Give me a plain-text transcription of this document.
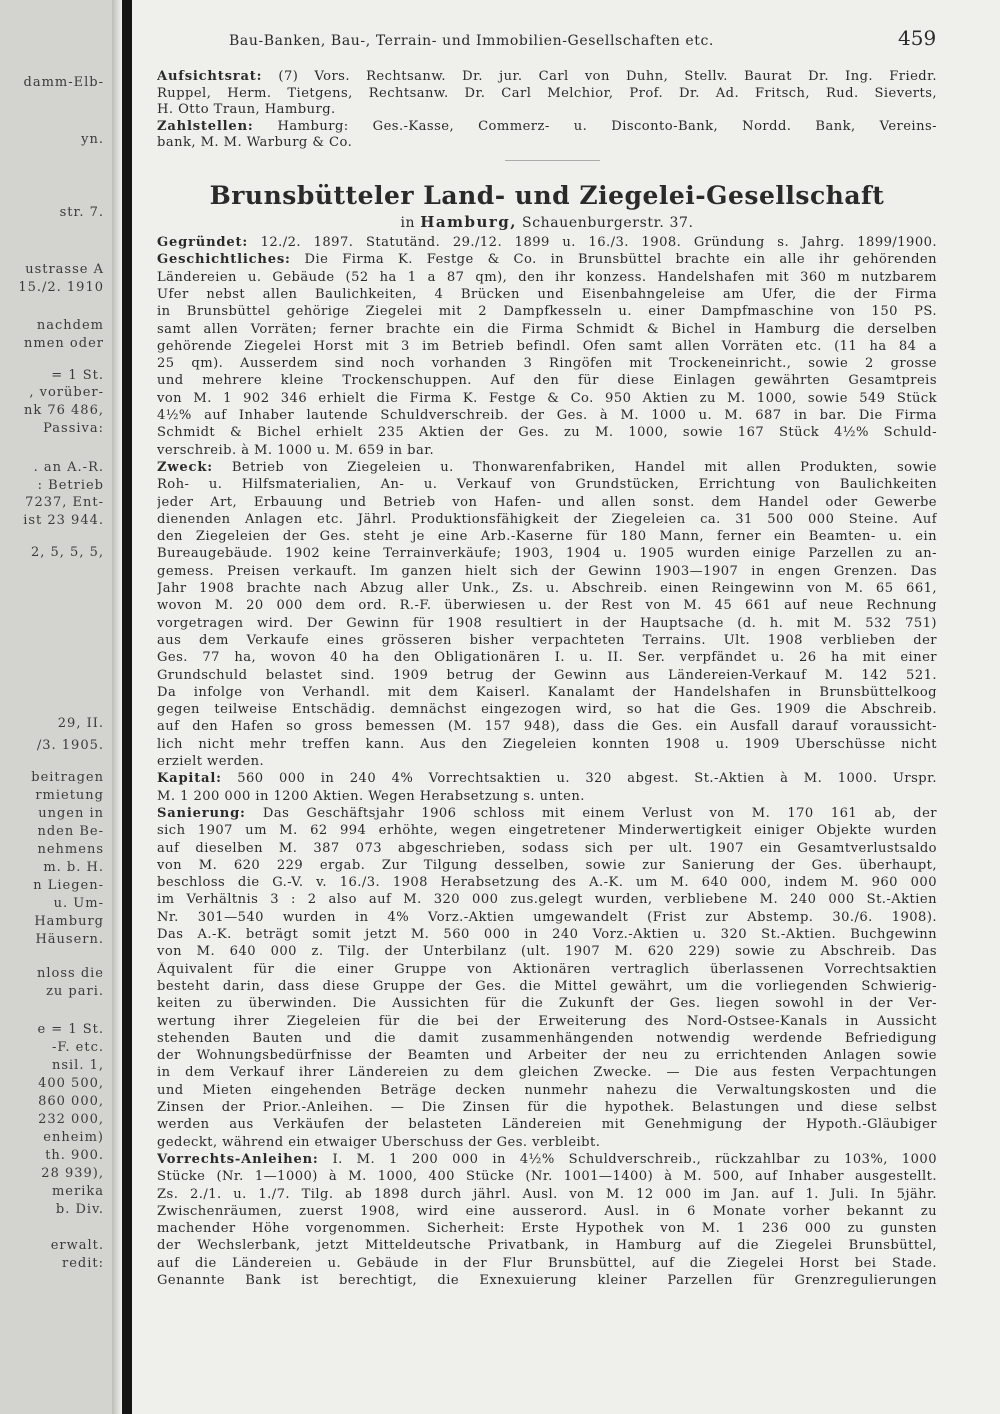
damm-Elb-
yn.
str. 7.
ustrasse A
15./2. 1910
nachdem
nmen oder
= 1 St.
, vorüber-
nk 76 486,
Passiva:
. an A.-R.
: Betrieb
7237, Ent-
ist 23 944.
2, 5, 5, 5,
29, II.
/3. 1905.
beitragen
rmietung
ungen in
nden Be-
nehmens
m. b. H.
n Liegen-
u. Um-
Hamburg
Häusern.
nloss die
zu pari.
e = 1 St.
-F. etc.
nsil. 1,
400 500,
860 000,
232 000,
enheim)
th. 900.
28 939),
merika
b. Div.
erwalt.
redit:
Bau-Banken, Bau-, Terrain- und Immobilien-Gesellschaften etc.	459
Aufsichtsrat: (7) Vors. Rechtsanw. Dr. jur. Carl von Duhn, Stellv. Baurat Dr. Ing. Friedr.
Ruppel, Herm. Tietgens, Rechtsanw. Dr. Carl Melchior, Prof. Dr. Ad. Fritsch, Rud. Sieverts,
H. Otto Traun, Hamburg.
Zahlstellen: Hamburg: Ges.-Kasse, Commerz- u. Disconto-Bank, Nordd. Bank, Vereins-
bank, M. M. Warburg & Co.
Brunsbütteler Land- und Ziegelei-Gesellschaft
in Hamburg, Schauenburgerstr. 37.
Gegründet: 12./2. 1897. Statutänd. 29./12. 1899 u. 16./3. 1908. Gründung s. Jahrg. 1899/1900.
Geschichtliches: Die Firma K. Festge & Co. in Brunsbüttel brachte ein alle ihr gehörenden
Ländereien u. Gebäude (52 ha 1 a 87 qm), den ihr konzess. Handelshafen mit 360 m nutzbarem
Ufer nebst allen Baulichkeiten, 4 Brücken und Eisenbahngeleise am Ufer, die der Firma
in Brunsbüttel gehörige Ziegelei mit 2 Dampfkesseln u. einer Dampfmaschine von 150 PS.
samt allen Vorräten; ferner brachte ein die Firma Schmidt & Bichel in Hamburg die derselben
gehörende Ziegelei Horst mit 3 im Betrieb befindl. Öfen samt allen Vorräten etc. (11 ha 84 a
25 qm). Ausserdem sind noch vorhanden 3 Ringöfen mit Trockeneinricht., sowie 2 grosse
und mehrere kleine Trockenschuppen. Auf den für diese Einlagen gewährten Gesamtpreis
von M. 1 902 346 erhielt die Firma K. Festge & Co. 950 Aktien zu M. 1000, sowie 549 Stück
4½% auf Inhaber lautende Schuldverschreib. der Ges. à M. 1000 u. M. 687 in bar. Die Firma
Schmidt & Bichel erhielt 235 Aktien der Ges. zu M. 1000, sowie 167 Stück 4½% Schuld-
verschreib. à M. 1000 u. M. 659 in bar.
Zweck: Betrieb von Ziegeleien u. Thonwarenfabriken, Handel mit allen Produkten, sowie
Roh- u. Hilfsmaterialien, An- u. Verkauf von Grundstücken, Errichtung von Baulichkeiten
jeder Art, Erbauung und Betrieb von Hafen- und allen sonst. dem Handel oder Gewerbe
dienenden Anlagen etc. Jährl. Produktionsfähigkeit der Ziegeleien ca. 31 500 000 Steine. Auf
den Ziegeleien der Ges. steht je eine Arb.-Kaserne für 180 Mann, ferner ein Beamten- u. ein
Bureaugebäude. 1902 keine Terrainverkäufe; 1903, 1904 u. 1905 wurden einige Parzellen zu an-
gemess. Preisen verkauft. Im ganzen hielt sich der Gewinn 1903—1907 in engen Grenzen. Das
Jahr 1908 brachte nach Abzug aller Unk., Zs. u. Abschreib. einen Reingewinn von M. 65 661,
wovon M. 20 000 dem ord. R.-F. überwiesen u. der Rest von M. 45 661 auf neue Rechnung
vorgetragen wird. Der Gewinn für 1908 resultiert in der Hauptsache (d. h. mit M. 532 751)
aus dem Verkaufe eines grösseren bisher verpachteten Terrains. Ult. 1908 verblieben der
Ges. 77 ha, wovon 40 ha den Obligationären I. u. II. Ser. verpfändet u. 26 ha mit einer
Grundschuld belastet sind. 1909 betrug der Gewinn aus Ländereien-Verkauf M. 142 521.
Da infolge von Verhandl. mit dem Kaiserl. Kanalamt der Handelshafen in Brunsbüttelkoog
gegen teilweise Entschädig. demnächst eingezogen wird, so hat die Ges. 1909 die Abschreib.
auf den Hafen so gross bemessen (M. 157 948), dass die Ges. ein Ausfall darauf voraussicht-
lich nicht mehr treffen kann. Aus den Ziegeleien konnten 1908 u. 1909 Überschüsse nicht
erzielt werden.
Kapital: 560 000 in 240 4% Vorrechtsaktien u. 320 abgest. St.-Aktien à M. 1000. Urspr.
M. 1 200 000 in 1200 Aktien. Wegen Herabsetzung s. unten.
Sanierung: Das Geschäftsjahr 1906 schloss mit einem Verlust von M. 170 161 ab, der
sich 1907 um M. 62 994 erhöhte, wegen eingetretener Minderwertigkeit einiger Objekte wurden
auf dieselben M. 387 073 abgeschrieben, sodass sich per ult. 1907 ein Gesamtverlustsaldo
von M. 620 229 ergab. Zur Tilgung desselben, sowie zur Sanierung der Ges. überhaupt,
beschloss die G.-V. v. 16./3. 1908 Herabsetzung des A.-K. um M. 640 000, indem M. 960 000
im Verhältnis 3 : 2 also auf M. 320 000 zus.gelegt wurden, verbliebene M. 240 000 St.-Aktien
Nr. 301—540 wurden in 4% Vorz.-Aktien umgewandelt (Frist zur Abstemp. 30./6. 1908).
Das A.-K. beträgt somit jetzt M. 560 000 in 240 Vorz.-Aktien u. 320 St.-Aktien. Buchgewinn
von M. 640 000 z. Tilg. der Unterbilanz (ult. 1907 M. 620 229) sowie zu Abschreib. Das
Äquivalent für die einer Gruppe von Aktionären vertraglich überlassenen Vorrechtsaktien
besteht darin, dass diese Gruppe der Ges. die Mittel gewährt, um die vorliegenden Schwierig-
keiten zu überwinden. Die Aussichten für die Zukunft der Ges. liegen sowohl in der Ver-
wertung ihrer Ziegeleien für die bei der Erweiterung des Nord-Ostsee-Kanals in Aussicht
stehenden Bauten und die damit zusammenhängenden notwendig werdende Befriedigung
der Wohnungsbedürfnisse der Beamten und Arbeiter der neu zu errichtenden Anlagen sowie
in dem Verkauf ihrer Ländereien zu dem gleichen Zwecke. — Die aus festen Verpachtungen
und Mieten eingehenden Beträge decken nunmehr nahezu die Verwaltungskosten und die
Zinsen der Prior.-Anleihen. — Die Zinsen für die hypothek. Belastungen und diese selbst
werden aus Verkäufen der belasteten Ländereien mit Genehmigung der Hypoth.-Gläubiger
gedeckt, während ein etwaiger Überschuss der Ges. verbleibt.
Vorrechts-Anleihen: I. M. 1 200 000 in 4½% Schuldverschreib., rückzahlbar zu 103%, 1000
Stücke (Nr. 1—1000) à M. 1000, 400 Stücke (Nr. 1001—1400) à M. 500, auf Inhaber ausgestellt.
Zs. 2./1. u. 1./7. Tilg. ab 1898 durch jährl. Ausl. von M. 12 000 im Jan. auf 1. Juli. In 5jähr.
Zwischenräumen, zuerst 1908, wird eine ausserord. Ausl. in 6 Monate vorher bekannt zu
machender Höhe vorgenommen. Sicherheit: Erste Hypothek von M. 1 236 000 zu gunsten
der Wechslerbank, jetzt Mitteldeutsche Privatbank, in Hamburg auf die Ziegelei Brunsbüttel,
auf die Ländereien u. Gebäude in der Flur Brunsbüttel, auf die Ziegelei Horst bei Stade.
Genannte Bank ist berechtigt, die Exnexuierung kleiner Parzellen für Grenzregulierungen
